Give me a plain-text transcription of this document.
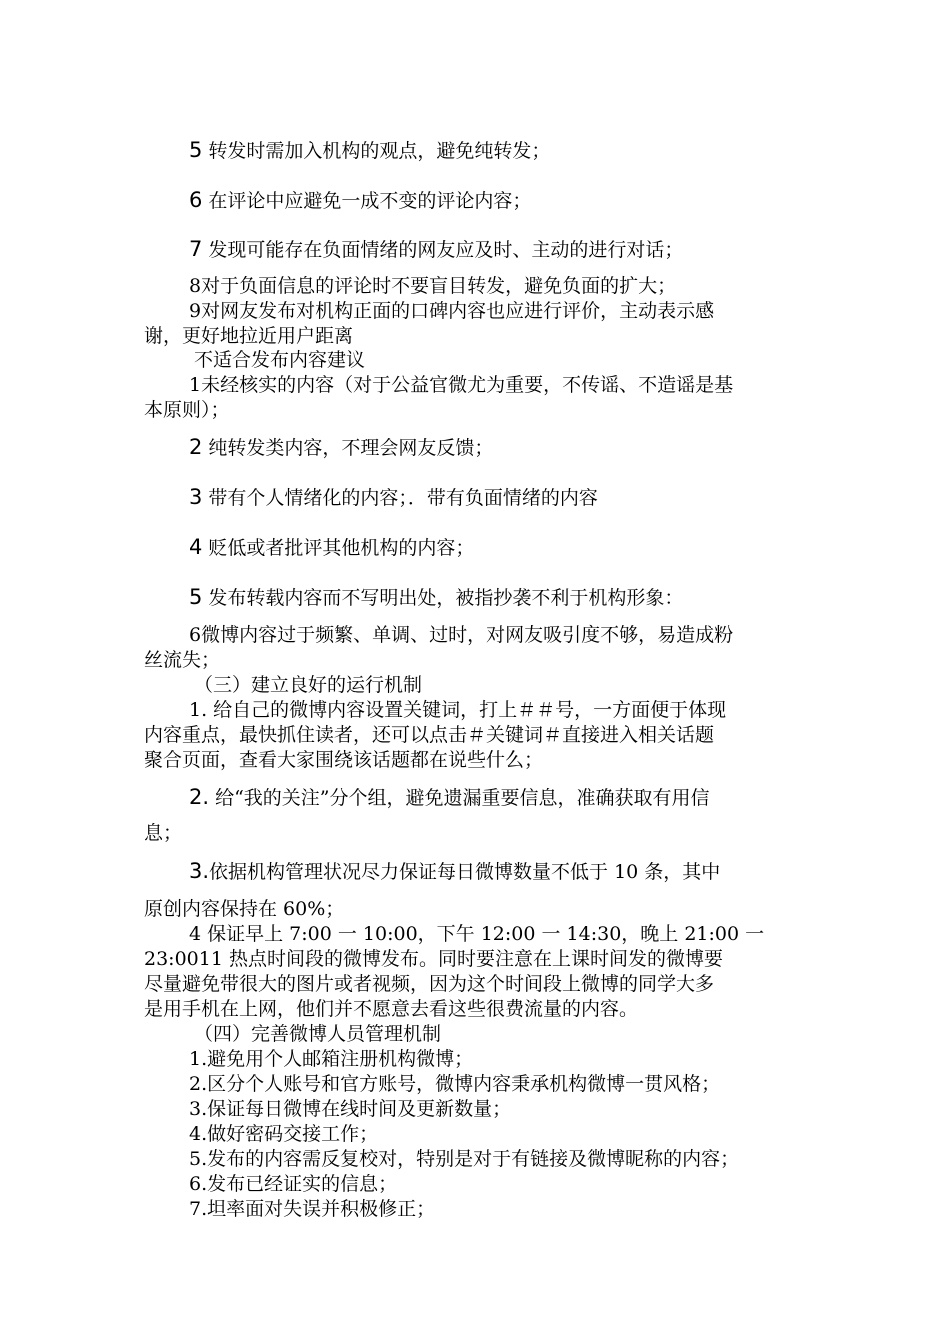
5 转发时需加入机构的观点，避免纯转发；
6 在评论中应避免一成不变的评论内容；
7 发现可能存在负面情绪的网友应及时、主动的进行对话；
8对于负面信息的评论时不要盲目转发，避免负面的扩大；
9对网友发布对机构正面的口碑内容也应进行评价，主动表示感
谢，更好地拉近用户距离
不适合发布内容建议
1未经核实的内容（对于公益官微尤为重要，不传谣、不造谣是基
本原则）；
2 纯转发类内容，不理会网友反馈；
3 带有个人情绪化的内容；．带有负面情绪的内容
4 贬低或者批评其他机构的内容；
5 发布转载内容而不写明出处，被指抄袭不利于机构形象：
6微博内容过于频繁、单调、过时，对网友吸引度不够，易造成粉
丝流失；
（三）建立良好的运行机制
1. 给自己的微博内容设置关键词，打上＃＃号，一方面便于体现
内容重点，最快抓住读者，还可以点击＃关键词＃直接进入相关话题
聚合页面，查看大家围绕该话题都在说些什么；
2. 给“我的关注”分个组，避免遗漏重要信息，准确获取有用信
息；
3.依据机构管理状况尽力保证每日微博数量不低于 10 条，其中
原创内容保持在 60%；
4 保证早上 7:00 一 10:00，下午 12:00 一 14:30，晚上 21:00 一
23:0011 热点时间段的微博发布。同时要注意在上课时间发的微博要
尽量避免带很大的图片或者视频，因为这个时间段上微博的同学大多
是用手机在上网，他们并不愿意去看这些很费流量的内容。
（四）完善微博人员管理机制
1.避免用个人邮箱注册机构微博；
2.区分个人账号和官方账号，微博内容秉承机构微博一贯风格；
3.保证每日微博在线时间及更新数量；
4.做好密码交接工作；
5.发布的内容需反复校对，特别是对于有链接及微博昵称的内容；
6.发布已经证实的信息；
7.坦率面对失误并积极修正；
